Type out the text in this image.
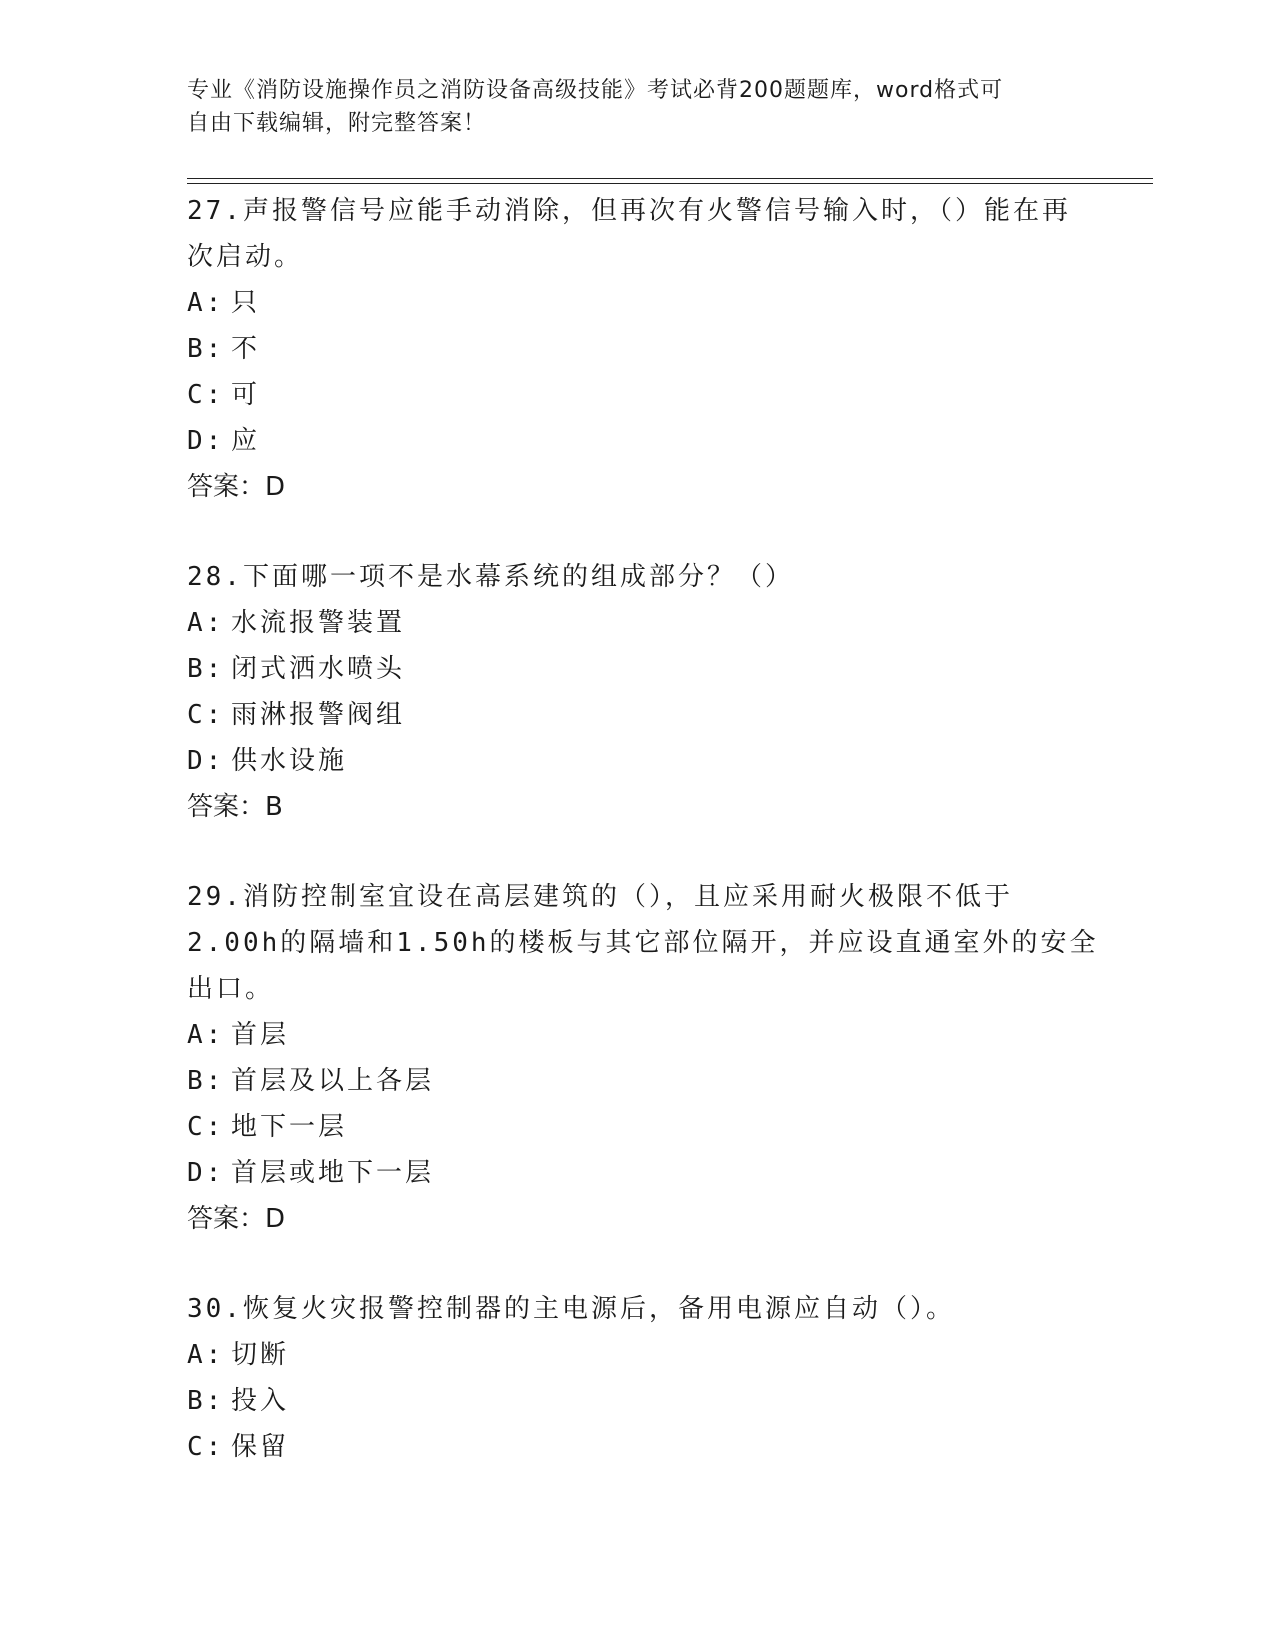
专业《消防设施操作员之消防设备高级技能》考试必背200题题库，word格式可
自由下载编辑，附完整答案！
27.声报警信号应能手动消除，但再次有火警信号输入时，（）能在再
次启动。
A: 只
B: 不
C: 可
D: 应
答案：D
28.下面哪一项不是水幕系统的组成部分？（）
A: 水流报警装置
B: 闭式洒水喷头
C: 雨淋报警阀组
D: 供水设施
答案：B
29.消防控制室宜设在高层建筑的（），且应采用耐火极限不低于
2.00h的隔墙和1.50h的楼板与其它部位隔开，并应设直通室外的安全
出口。
A: 首层
B: 首层及以上各层
C: 地下一层
D: 首层或地下一层
答案：D
30.恢复火灾报警控制器的主电源后，备用电源应自动（）。
A: 切断
B: 投入
C: 保留
